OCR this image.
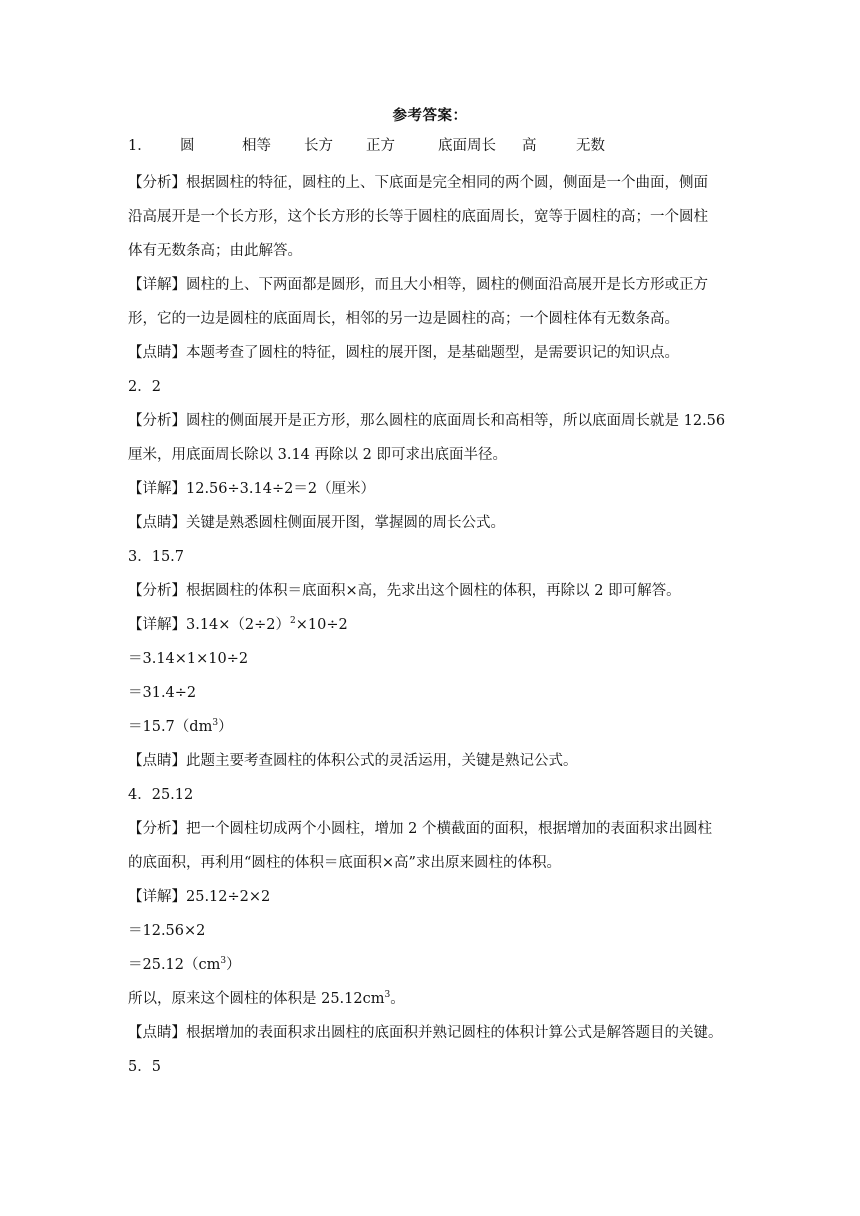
参考答案：
1．	圆	相等	长方	正方	底面周长	高	无数
【分析】根据圆柱的特征，圆柱的上、下底面是完全相同的两个圆，侧面是一个曲面，侧面
沿高展开是一个长方形，这个长方形的长等于圆柱的底面周长，宽等于圆柱的高；一个圆柱
体有无数条高；由此解答。
【详解】圆柱的上、下两面都是圆形，而且大小相等，圆柱的侧面沿高展开是长方形或正方
形，它的一边是圆柱的底面周长，相邻的另一边是圆柱的高；一个圆柱体有无数条高。
【点睛】本题考查了圆柱的特征，圆柱的展开图，是基础题型，是需要识记的知识点。
2．2
【分析】圆柱的侧面展开是正方形，那么圆柱的底面周长和高相等，所以底面周长就是 12.56
厘米，用底面周长除以 3.14 再除以 2 即可求出底面半径。
【详解】12.56÷3.14÷2＝2（厘米）
【点睛】关键是熟悉圆柱侧面展开图，掌握圆的周长公式。
3．15.7
【分析】根据圆柱的体积＝底面积×高，先求出这个圆柱的体积，再除以 2 即可解答。
【详解】$3.14\times(2\div 2)^2\times 10\div 2$
＝3.14×1×10÷2
＝31.4÷2
$=15.7(dm^3)$
【点睛】此题主要考查圆柱的体积公式的灵活运用，关键是熟记公式。
4．25.12
【分析】把一个圆柱切成两个小圆柱，增加 2 个横截面的面积，根据增加的表面积求出圆柱
的底面积，再利用“圆柱的体积＝底面积×高”求出原来圆柱的体积。
【详解】25.12÷2×2
＝12.56×2
$=25.12(cm^3)$
所以，原来这个圆柱的体积是 $25.12cm^3$。
【点睛】根据增加的表面积求出圆柱的底面积并熟记圆柱的体积计算公式是解答题目的关键。
5．5
